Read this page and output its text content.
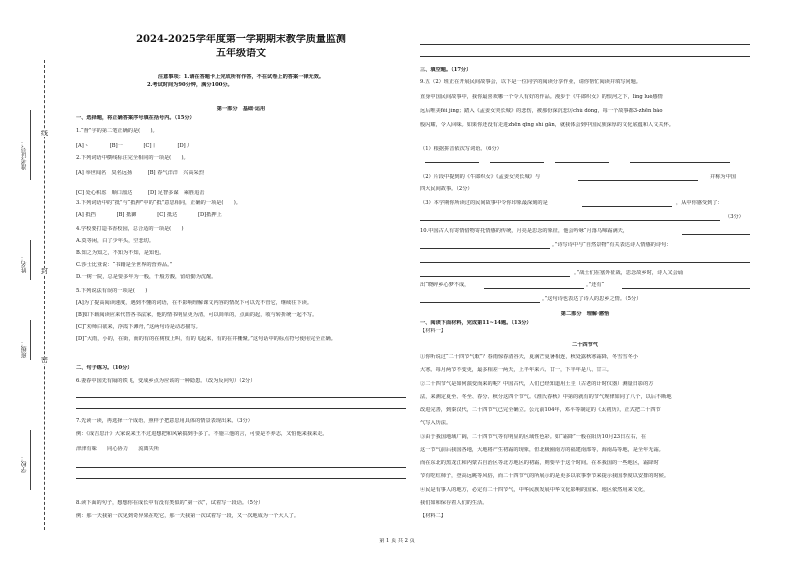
准考证号：
姓名：
班级：
学校：
线
封
密
2024-2025学年度第一学期期末教学质量监测
五年级语文
注意事项：1.请在答题卡上完成所有作答，不在试卷上的答案一律无效。
2.考试时间为90分钟，满分100分。
第一部分　基础·运用
一、选择题，将正确答案序号填在括号内。（15分）
1.“督”字的第二笔正确的是(　　)。
[A]丶　　　　[B]一　　　　[C]丨　　　　[D]丿
2.下列词语中横线标注完全相同的一项是(　　)。
[A] 举世闻名　臭名远扬　　　[B] 春气洋洋　兴高采烈
[C] 处心积虑　顺口溜达　　　[D] 足智多谋　乘胜追击
3.下列词语中的“抵”与“抵押”中的“抵”意思相同，正确的一项是(　　)。
[A] 抵挡　　　　[B] 抵御　　　　[C] 抵达　　　　[D]抵押上
4.学校要打造书香校园，总合适的一项是(　　)
A.莫等闲，白了少年头，空悲切。
B.知之为知之，不知为不知，是知也。
C.莎士比亚说：“书籍是全世界的营养品。”
D.一树一院，总是要多年为一般，千般芳馥，留给勤为沈醒。
5.下列说法有误的一项是(　　)
[A]为了提高阅读速度，遇到不懂的词语，在不影响理解课文内容的情况下可以先不管它，继续往下读。
[B]如下载阅读应来代替各书法家，他的情书明显更为清，可以简单的，点面的起，收与转折统一起不写。
[C]“劝师白欲来，浮霞下滩舟，”这两句诗是动态描写。
[D]“大雨，小的，在街，而的有的在树枝上叫，有的飞起来，有的在井栅聚。”这句话中的标点符号使用完全正确。
二、句子练习。（10分）
6.妻春中国先有隔的铁飞，变成乡点为应该的一种隐患。（改为反问句）（2分）
7.先读一读，再选择一个成语，照样子把意思用具体的情景表现出来。（3分）
例：《成吉思汗》大家说来王不过进想把和风紧搞到手多了。不施三他的言，可要是不养志，又怕他来我来走。
津津有味　　同心协力　　流离失所
8.读下面的句子，想想你在成长中有没有类似的“第一次”，试着写一段话。（5分）
例：那一天我第一次见到奇异果在吃它，那一天我第一次试着写一段，又一次地成为一个大人了。
三、填空题。（17分）
9.五（2）班正在开展民间故事会，以下是一位同学的阅读分享作业，请你帮忙阅读并填写问题。
直身中国民间故事中，我你最喜欢哪一个令人有好的作品。漫步于《牛郎织女》的恨河之下，lǐng luè感情
远后唯美fěi jìng；踏入《孟姜女哭长城》的悲伤，被那份深沉悲厉chù dòng，每一个故事都3-zhēn bǎo
般闪耀，令人回味。如果你还没有走进zhēn qīng shí gān，就我体会到中国民族深厚的文化底蕴和人文关怀。
（1）根据拼音依次写词语。（6分）
（2）片段中提到的《牛郎织女》《孟姜女哭长城》与	并称为中国
四大民间故事。（2分）
（3）本学期你所读过的民间故事中令你印象最深刻的是	，从中你感受到了：
（3分）
10.中国古人有寄情借物寄托情感的传统，月亮是思念的象征，他会吟咏“月落乌啼霜满天，
。”诗写诗中与“自然景物”有关表达诗人情感的诗句：
。”战士们在塞外征战，思念故乡时，诗人又会诵
出“晓碎乡心梦不成，	。”还有“
。”这句诗也表达了诗人的思乡之情。（5分）
第二部分　理解·感悟
一、阅读下面材料，完成第11~14题。（13分）
【材料一】
二十四节气
①你听说过“二十四节气歌”？春雨惊春清谷天，夏满芒夏暑相连，秋处露秋寒霜降，冬雪雪冬小
大寒。每月两节不变更，最多相差一两天，上半年来六、廿一，下半年是八、廿三。
②二十四节气是如何演变而来的呢？中国古代，人们已经知道用土圭（古老的计时仪器）测量日影的方
法，来测定夏至、冬至、春分、秋分这四个节气。《淮氏春秋》中第的就有的节气规律如同了八个，以后不断地
改进完善，到秦汉代，二十四节气已完全确立。公元前104年，邓平等制定的《太初历》，正式把二十四节
气写入历法。
③由于我国地域广阔，二十四节气等有明显的区域性色彩。如“霜降”一般在阳历10月23日左右，在
这一节气前后我国各地，大地将产生初霜的现象，但北极圈南方的福建南部等，海南岛等地，是全年无霜。
而在东北的黑龙江和内蒙古自治区等北方地区的初霜，则要早于这个时间。在本我国的一些地区，霜降时
节有吃红柿子，登高远眺等风俗，而二十四节气的所展示的是更多以农事季节来提示我国季度以安排的时候。
④民是有事人的地方，必定有二十四节气，中华民族发展中华文化影响的国家、地区依然用来文化，
我们如和保存着人们的生活。
【材料二】
第 1 页 共 2 页
